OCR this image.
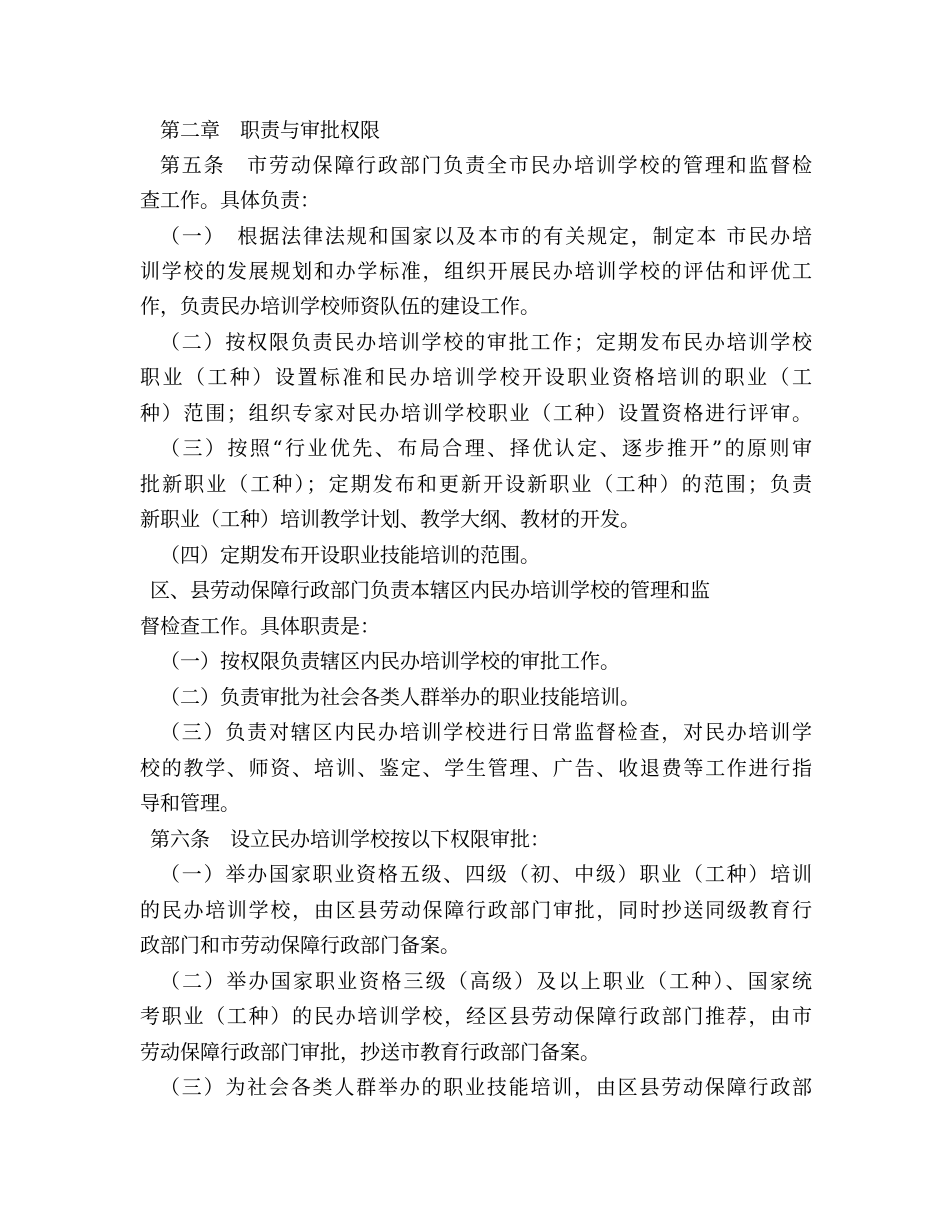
第二章　职责与审批权限
第五条　市劳动保障行政部门负责全市民办培训学校的管理和监督检
查工作。具体负责：
（一）　根据法律法规和国家以及本市的有关规定，制定本 市民办培
训学校的发展规划和办学标准，组织开展民办培训学校的评估和评优工
作，负责民办培训学校师资队伍的建设工作。
（二）按权限负责民办培训学校的审批工作；定期发布民办培训学校
职业（工种）设置标准和民办培训学校开设职业资格培训的职业（工
种）范围；组织专家对民办培训学校职业（工种）设置资格进行评审。
（三）按照“行业优先、布局合理、择优认定、逐步推开”的原则审
批新职业（工种）；定期发布和更新开设新职业（工种）的范围；负责
新职业（工种）培训教学计划、教学大纲、教材的开发。
（四）定期发布开设职业技能培训的范围。
区、县劳动保障行政部门负责本辖区内民办培训学校的管理和监
督检查工作。具体职责是：
（一）按权限负责辖区内民办培训学校的审批工作。
（二）负责审批为社会各类人群举办的职业技能培训。
（三）负责对辖区内民办培训学校进行日常监督检查，对民办培训学
校的教学、师资、培训、鉴定、学生管理、广告、收退费等工作进行指
导和管理。
第六条　设立民办培训学校按以下权限审批：
（一）举办国家职业资格五级、四级（初、中级）职业（工种）培训
的民办培训学校，由区县劳动保障行政部门审批，同时抄送同级教育行
政部门和市劳动保障行政部门备案。
（二）举办国家职业资格三级（高级）及以上职业（工种）、国家统
考职业（工种）的民办培训学校，经区县劳动保障行政部门推荐，由市
劳动保障行政部门审批，抄送市教育行政部门备案。
（三）为社会各类人群举办的职业技能培训，由区县劳动保障行政部
